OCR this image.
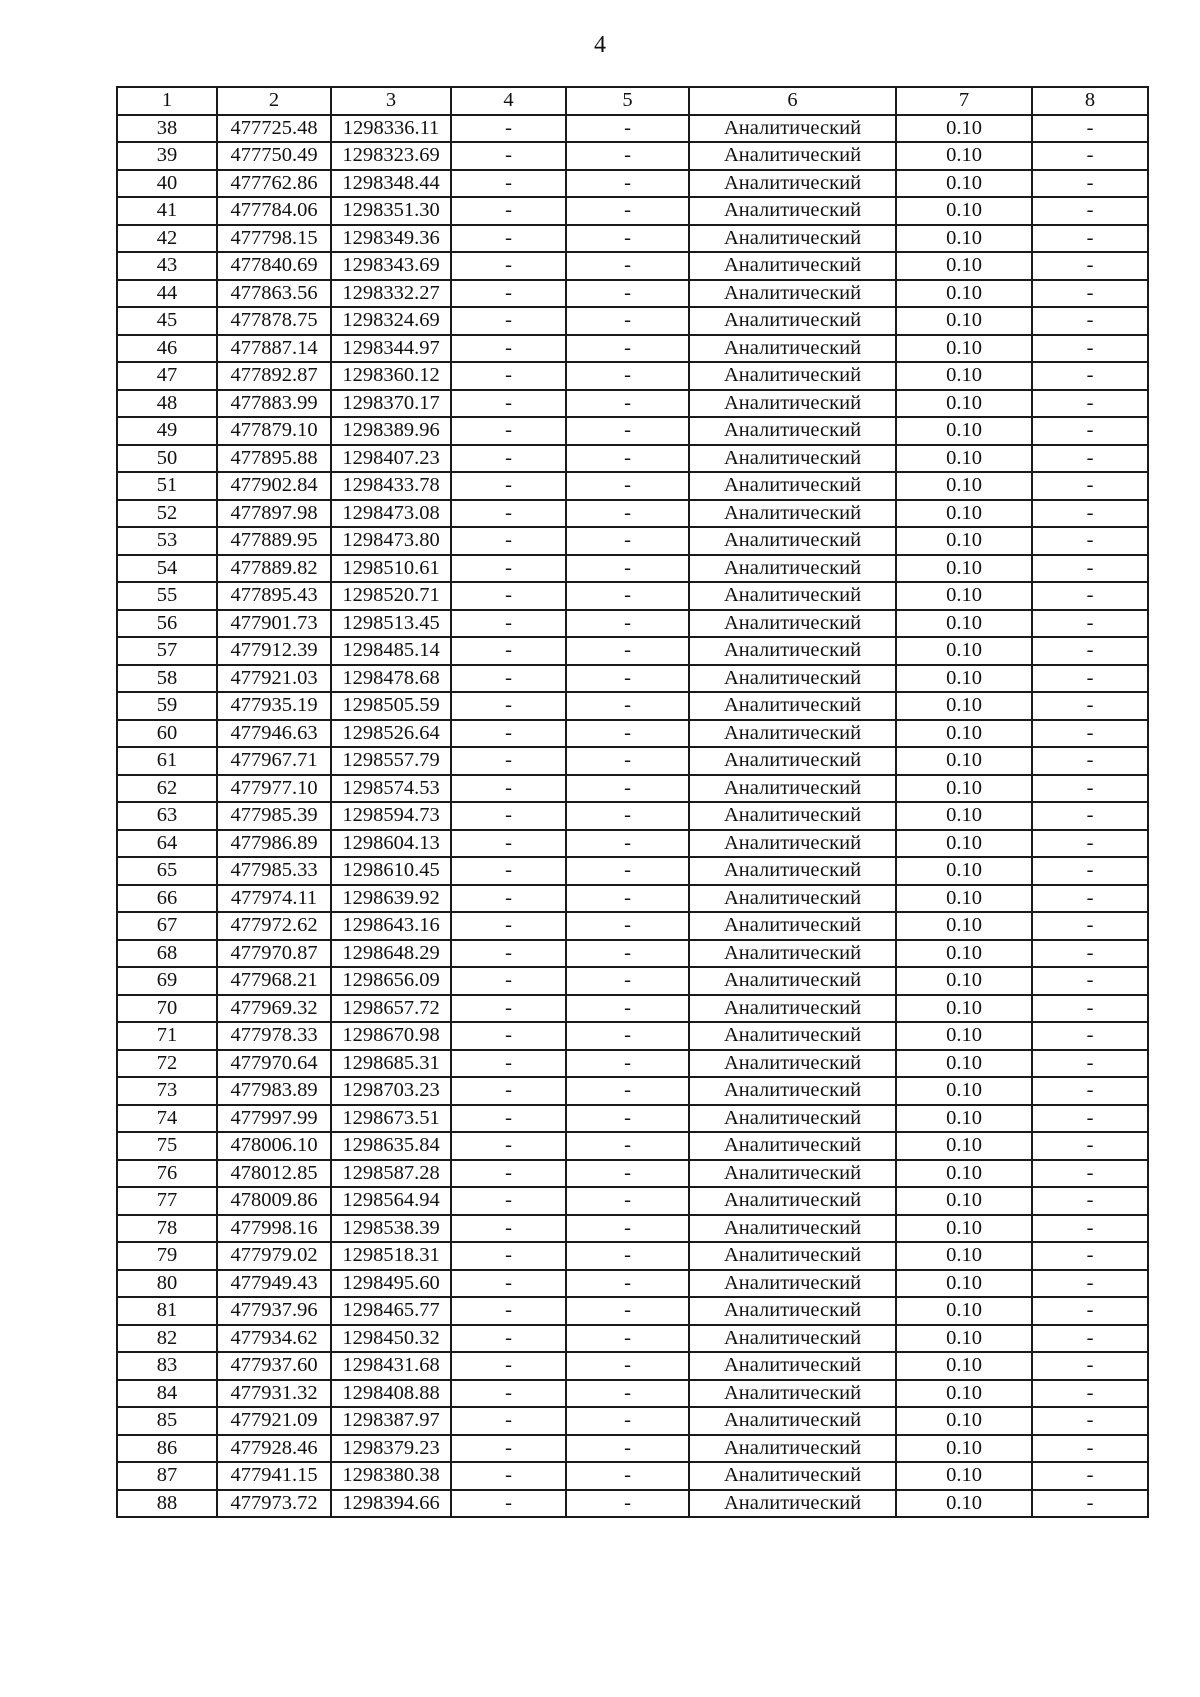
4
1	2	3	4	5	6	7	8
38	477725.48	1298336.11	-	-	Аналитический	0.10	-
39	477750.49	1298323.69	-	-	Аналитический	0.10	-
40	477762.86	1298348.44	-	-	Аналитический	0.10	-
41	477784.06	1298351.30	-	-	Аналитический	0.10	-
42	477798.15	1298349.36	-	-	Аналитический	0.10	-
43	477840.69	1298343.69	-	-	Аналитический	0.10	-
44	477863.56	1298332.27	-	-	Аналитический	0.10	-
45	477878.75	1298324.69	-	-	Аналитический	0.10	-
46	477887.14	1298344.97	-	-	Аналитический	0.10	-
47	477892.87	1298360.12	-	-	Аналитический	0.10	-
48	477883.99	1298370.17	-	-	Аналитический	0.10	-
49	477879.10	1298389.96	-	-	Аналитический	0.10	-
50	477895.88	1298407.23	-	-	Аналитический	0.10	-
51	477902.84	1298433.78	-	-	Аналитический	0.10	-
52	477897.98	1298473.08	-	-	Аналитический	0.10	-
53	477889.95	1298473.80	-	-	Аналитический	0.10	-
54	477889.82	1298510.61	-	-	Аналитический	0.10	-
55	477895.43	1298520.71	-	-	Аналитический	0.10	-
56	477901.73	1298513.45	-	-	Аналитический	0.10	-
57	477912.39	1298485.14	-	-	Аналитический	0.10	-
58	477921.03	1298478.68	-	-	Аналитический	0.10	-
59	477935.19	1298505.59	-	-	Аналитический	0.10	-
60	477946.63	1298526.64	-	-	Аналитический	0.10	-
61	477967.71	1298557.79	-	-	Аналитический	0.10	-
62	477977.10	1298574.53	-	-	Аналитический	0.10	-
63	477985.39	1298594.73	-	-	Аналитический	0.10	-
64	477986.89	1298604.13	-	-	Аналитический	0.10	-
65	477985.33	1298610.45	-	-	Аналитический	0.10	-
66	477974.11	1298639.92	-	-	Аналитический	0.10	-
67	477972.62	1298643.16	-	-	Аналитический	0.10	-
68	477970.87	1298648.29	-	-	Аналитический	0.10	-
69	477968.21	1298656.09	-	-	Аналитический	0.10	-
70	477969.32	1298657.72	-	-	Аналитический	0.10	-
71	477978.33	1298670.98	-	-	Аналитический	0.10	-
72	477970.64	1298685.31	-	-	Аналитический	0.10	-
73	477983.89	1298703.23	-	-	Аналитический	0.10	-
74	477997.99	1298673.51	-	-	Аналитический	0.10	-
75	478006.10	1298635.84	-	-	Аналитический	0.10	-
76	478012.85	1298587.28	-	-	Аналитический	0.10	-
77	478009.86	1298564.94	-	-	Аналитический	0.10	-
78	477998.16	1298538.39	-	-	Аналитический	0.10	-
79	477979.02	1298518.31	-	-	Аналитический	0.10	-
80	477949.43	1298495.60	-	-	Аналитический	0.10	-
81	477937.96	1298465.77	-	-	Аналитический	0.10	-
82	477934.62	1298450.32	-	-	Аналитический	0.10	-
83	477937.60	1298431.68	-	-	Аналитический	0.10	-
84	477931.32	1298408.88	-	-	Аналитический	0.10	-
85	477921.09	1298387.97	-	-	Аналитический	0.10	-
86	477928.46	1298379.23	-	-	Аналитический	0.10	-
87	477941.15	1298380.38	-	-	Аналитический	0.10	-
88	477973.72	1298394.66	-	-	Аналитический	0.10	-
